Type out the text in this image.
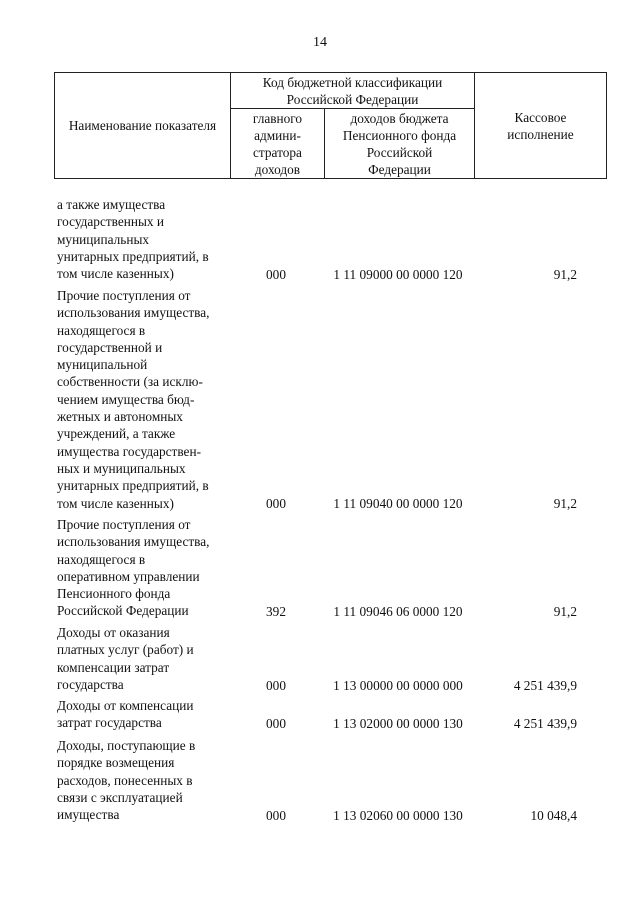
14
Наименование показателя
Код бюджетной классификации Российской Федерации
главного админи-стратора доходов
доходов бюджета Пенсионного фонда Российской Федерации
Кассовое исполнение
а также имущества
государственных и
муниципальных
унитарных предприятий, в
том числе казенных)	000	1 11 09000 00 0000 120	91,2
Прочие поступления от
использования имущества,
находящегося в
государственной и
муниципальной
собственности (за исклю-
чением имущества бюд-
жетных и автономных
учреждений, а также
имущества государствен-
ных и муниципальных
унитарных предприятий, в
том числе казенных)	000	1 11 09040 00 0000 120	91,2
Прочие поступления от
использования имущества,
находящегося в
оперативном управлении
Пенсионного фонда
Российской Федерации	392	1 11 09046 06 0000 120	91,2
Доходы от оказания
платных услуг (работ) и
компенсации затрат
государства	000	1 13 00000 00 0000 000	4 251 439,9
Доходы от компенсации
затрат государства	000	1 13 02000 00 0000 130	4 251 439,9
Доходы, поступающие в
порядке возмещения
расходов, понесенных в
связи с эксплуатацией
имущества	000	1 13 02060 00 0000 130	10 048,4
